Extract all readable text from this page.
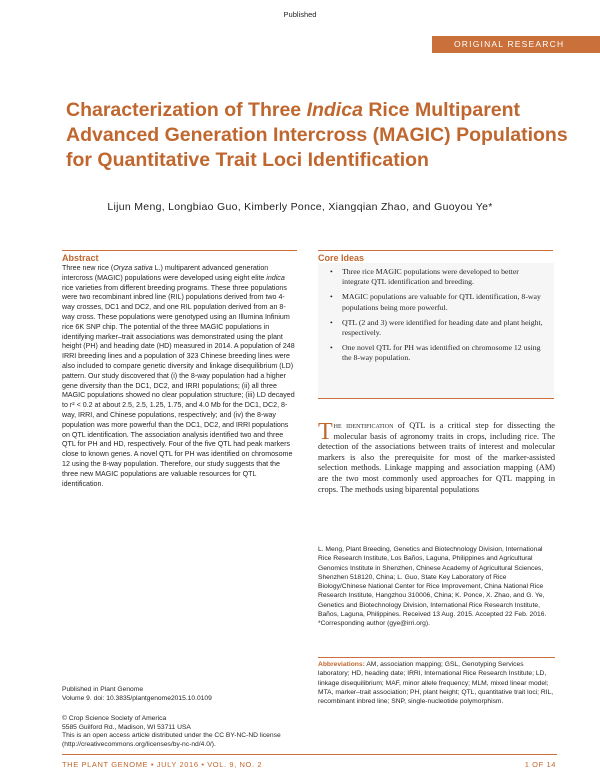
Published
ORIGINAL RESEARCH
Characterization of Three Indica Rice Multiparent Advanced Generation Intercross (MAGIC) Populations for Quantitative Trait Loci Identification
Lijun Meng, Longbiao Guo, Kimberly Ponce, Xiangqian Zhao, and Guoyou Ye*
Abstract
Three new rice (Oryza sativa L.) multiparent advanced generation intercross (MAGIC) populations were developed using eight elite indica rice varieties from different breeding programs. These three populations were two recombinant inbred line (RIL) populations derived from two 4-way crosses, DC1 and DC2, and one RIL population derived from an 8-way cross. These populations were genotyped using an Illumina Infinium rice 6K SNP chip. The potential of the three MAGIC populations in identifying marker–trait associations was demonstrated using the plant height (PH) and heading date (HD) measured in 2014. A population of 248 IRRI breeding lines and a population of 323 Chinese breeding lines were also included to compare genetic diversity and linkage disequilibrium (LD) pattern. Our study discovered that (i) the 8-way population had a higher gene diversity than the DC1, DC2, and IRRI populations; (ii) all three MAGIC populations showed no clear population structure; (iii) LD decayed to r² < 0.2 at about 2.5, 2.5, 1.25, 1.75, and 4.0 Mb for the DC1, DC2, 8-way, IRRI, and Chinese populations, respectively; and (iv) the 8-way population was more powerful than the DC1, DC2, and IRRI populations on QTL identification. The association analysis identified two and three QTL for PH and HD, respectively. Four of the five QTL had peak markers close to known genes. A novel QTL for PH was identified on chromosome 12 using the 8-way population. Therefore, our study suggests that the three new MAGIC populations are valuable resources for QTL identification.
Core Ideas
• Three rice MAGIC populations were developed to better integrate QTL identification and breeding.
• MAGIC populations are valuable for QTL identification, 8-way populations being more powerful.
• QTL (2 and 3) were identified for heading date and plant height, respectively.
• One novel QTL for PH was identified on chromosome 12 using the 8-way population.
The identification of QTL is a critical step for dissecting the molecular basis of agronomy traits in crops, including rice. The detection of the associations between traits of interest and molecular markers is also the prerequisite for most of the marker-assisted selection methods. Linkage mapping and association mapping (AM) are the two most commonly used approaches for QTL mapping in crops. The methods using biparental populations
L. Meng, Plant Breeding, Genetics and Biotechnology Division, International Rice Research Institute, Los Baños, Laguna, Philippines and Agricultural Genomics Institute in Shenzhen, Chinese Academy of Agricultural Sciences, Shenzhen 518120, China; L. Guo, State Key Laboratory of Rice Biology/Chinese National Center for Rice Improvement, China National Rice Research Institute, Hangzhou 310006, China; K. Ponce, X. Zhao, and G. Ye, Genetics and Biotechnology Division, International Rice Research Institute, Baños, Laguna, Philippines. Received 13 Aug. 2015. Accepted 22 Feb. 2016. *Corresponding author (gye@irri.org).
Abbreviations: AM, association mapping; GSL, Genotyping Services laboratory; HD, heading date; IRRI, International Rice Research Institute; LD, linkage disequilibrium; MAF, minor allele frequency; MLM, mixed linear model; MTA, marker–trait association; PH, plant height; QTL, quantitative trait loci; RIL, recombinant inbred line; SNP, single-nucleotide polymorphism.
Published in Plant Genome
Volume 9. doi: 10.3835/plantgenome2015.10.0109
© Crop Science Society of America
5585 Guilford Rd., Madison, WI 53711 USA
This is an open access article distributed under the CC BY-NC-ND license (http://creativecommons.org/licenses/by-nc-nd/4.0/).
THE PLANT GENOME ▪ JULY 2016 ▪ VOL. 9, NO. 2	1 OF 14
